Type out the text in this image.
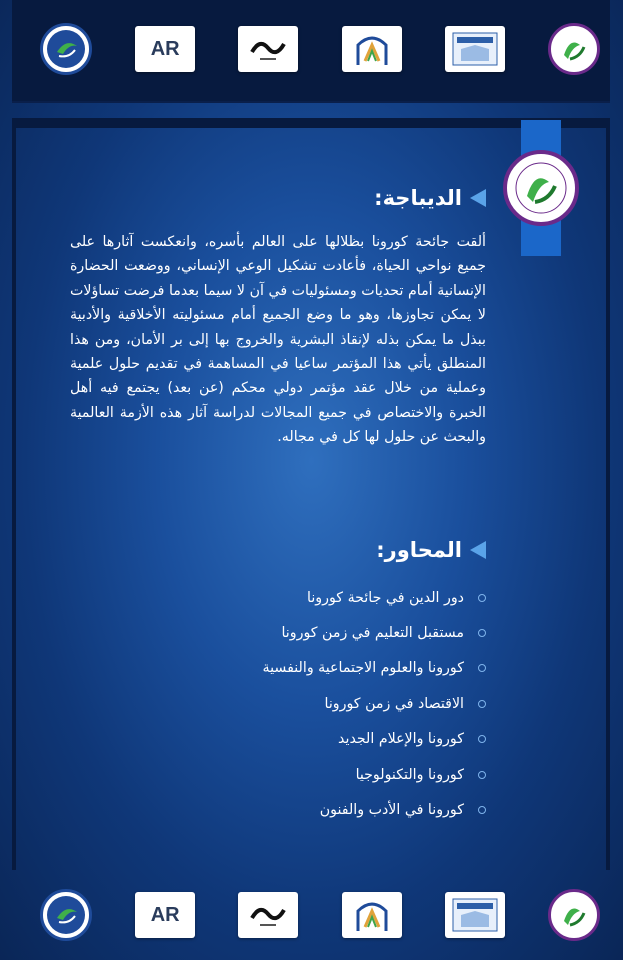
AR
الديباجة:
ألقت جائحة كورونا بظلالها على العالم بأسره، وانعكست آثارها على جميع نواحي الحياة، فأعادت تشكيل الوعي الإنساني، ووضعت الحضارة الإنسانية أمام تحديات ومسئوليات في آن لا سيما بعدما فرضت تساؤلات لا يمكن تجاوزها، وهو ما وضع الجميع أمام مسئوليته الأخلاقية والأدبية ببذل ما يمكن بذله لإنقاذ البشرية والخروج بها إلى بر الأمان، ومن هذا المنطلق يأتي هذا المؤتمر ساعيا في المساهمة في تقديم حلول علمية وعملية من خلال عقد مؤتمر دولي محكم (عن بعد) يجتمع فيه أهل الخبرة والاختصاص في جميع المجالات لدراسة آثار هذه الأزمة العالمية والبحث عن حلول لها كل في مجاله.
المحاور:
دور الدين في جائحة كورونا
مستقبل التعليم في زمن كورونا
كورونا والعلوم الاجتماعية والنفسية
الاقتصاد في زمن كورونا
كورونا والإعلام الجديد
كورونا والتكنولوجيا
كورونا في الأدب والفنون
AR
